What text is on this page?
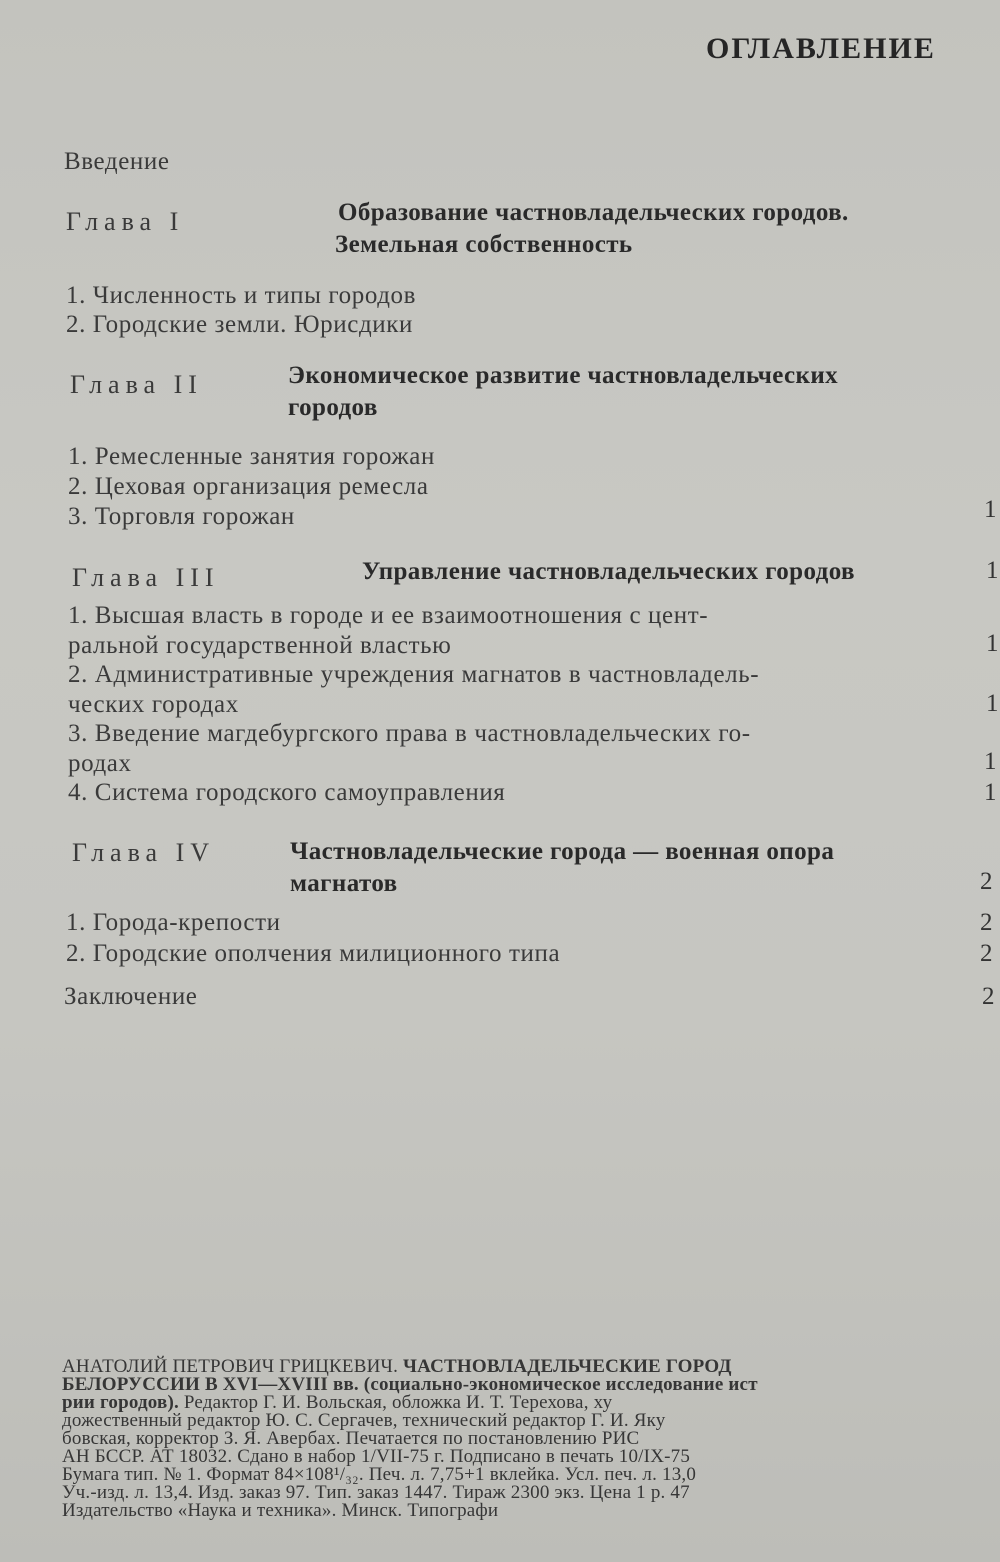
ОГЛАВЛЕНИЕ
Введение
Глава I	Образование частновладельческих городов.
Земельная собственность
1. Численность и типы городов
2. Городские земли. Юрисдики
Глава II	Экономическое развитие частновладельческих
городов
1. Ремесленные занятия горожан
2. Цеховая организация ремесла
3. Торговля горожан	1
Глава III	Управление частновладельческих городов	1
1. Высшая власть в городе и ее взаимоотношения с цент-
ральной государственной властью	1
2. Административные учреждения магнатов в частновладель-
ческих городах	1
3. Введение магдебургского права в частновладельческих го-
родах	1
4. Система городского самоуправления	1
Глава IV	Частновладельческие города — военная опора
магнатов	2
1. Города-крепости	2
2. Городские ополчения милиционного типа	2
Заключение	2
АНАТОЛИЙ ПЕТРОВИЧ ГРИЦКЕВИЧ. ЧАСТНОВЛАДЕЛЬЧЕСКИЕ ГОРОД
БЕЛОРУССИИ В XVI—XVIII вв. (социально-экономическое исследование ист
рии городов). Редактор Г. И. Вольская, обложка И. Т. Терехова, ху
дожественный редактор Ю. С. Сергачев, технический редактор Г. И. Яку
бовская, корректор З. Я. Авербах. Печатается по постановлению РИС
АН БССР. АТ 18032. Сдано в набор 1/VII-75 г. Подписано в печать 10/IX-75
Бумага тип. № 1. Формат 84×108¹/₃₂. Печ. л. 7,75+1 вклейка. Усл. печ. л. 13,0
Уч.-изд. л. 13,4. Изд. заказ 97. Тип. заказ 1447. Тираж 2300 экз. Цена 1 р. 47
Издательство «Наука и техника». Минск. Типографи
